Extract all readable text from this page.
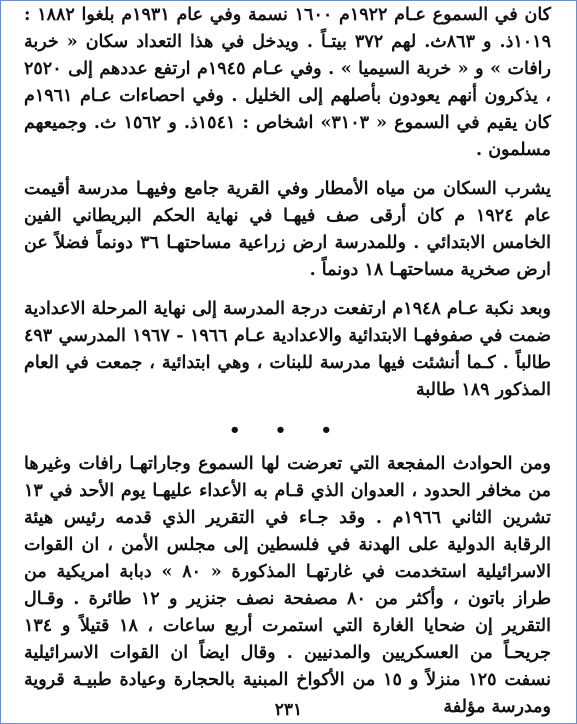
كان في السموع عـام ١٩٢٢م ١٦٠٠ نسمة وفي عام ١٩٣١م بلغوا ١٨٨٢ : ١٠١٩ذ. و ٨٦٣ث. لهم ٣٧٢ بيتـاً . ويدخل في هذا التعداد سكان « خربة رافات » و « خربة السيميا » . وفي عـام ١٩٤٥م ارتفع عددهم إلى ٢٥٢٠ ، يذكرون أنهم يعودون بأصلهم إلى الخليل . وفي احصاءات عـام ١٩٦١م كان يقيم في السموع « ٣١٠٣» اشخاص : ١٥٤١ذ. و ١٥٦٢ ث. وجميعهم مسلمون .

يشرب السكان من مياه الأمطار وفي القرية جامع وفيهـا مدرسة أقيمت عام ١٩٢٤ م كان أرقى صف فيهـا في نهاية الحكم البريطاني الفين الخامس الابتدائي . وللمدرسة ارض زراعية مساحتهـا ٣٦ دونماً فضلاً عن ارض صخرية مساحتهـا ١٨ دونماً .

وبعد نكبة عـام ١٩٤٨م ارتفعت درجة المدرسة إلى نهاية المرحلة الاعدادية ضمت في صفوفهـا الابتدائية والاعدادية عـام ١٩٦٦ - ١٩٦٧ المدرسي ٤٩٣ طالباً . كـما أنشئت فيها مدرسة للبنات ، وهي ابتدائية ، جمعت في العام المذكور ١٨٩ طالبة

• • •

ومن الحوادث المفجعة التي تعرضت لها السموع وجاراتهـا رافات وغيرها من مخافر الحدود ، العدوان الذي قـام به الأعداء عليهـا يوم الأحد في ١٣ تشرين الثاني ١٩٦٦م . وقد جـاء في التقرير الذي قدمه رئيس هيئة الرقابة الدولية على الهدنة في فلسطين إلى مجلس الأمن ، ان القوات الاسرائيلية استخدمت في غارتهـا المذكورة « ٨٠ » دبابة امريكية من طراز باتون ، وأكثر من ٨٠ مصفحة نصف جنزير و ١٢ طائرة . وقـال التقرير إن ضحايا الغارة التي استمرت أربع ساعات ، ١٨ قتيلاً و ١٣٤ جريحـاً من العسكريين والمدنيين . وقال ايضاً ان القوات الاسرائيلية نسفت ١٢٥ منزلاً و ١٥ من الأكواخ المبنية بالحجارة وعيادة طبيـة قروية ومدرسة مؤلفة

٢٣١
